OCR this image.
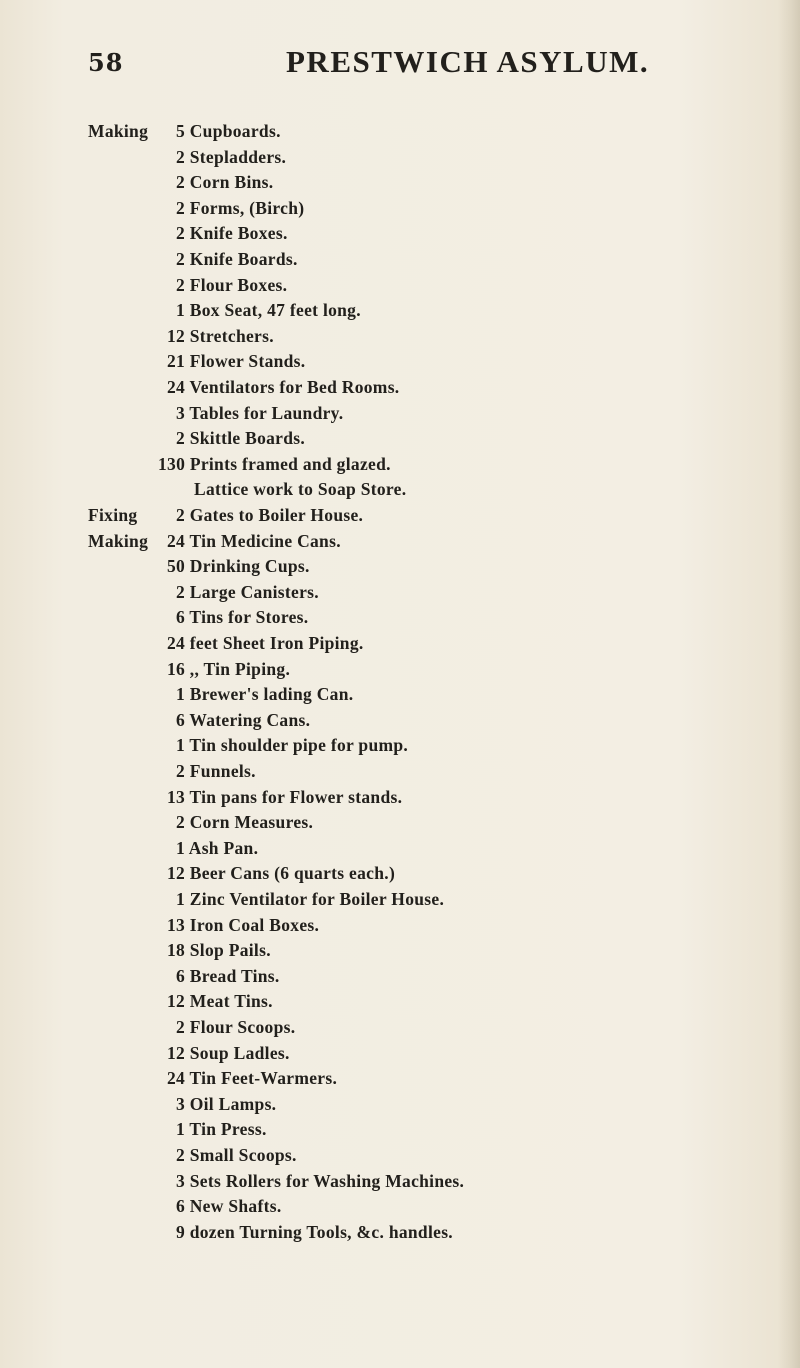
58	PRESTWICH ASYLUM.
Making 5 Cupboards.
2 Stepladders.
2 Corn Bins.
2 Forms, (Birch)
2 Knife Boxes.
2 Knife Boards.
2 Flour Boxes.
1 Box Seat, 47 feet long.
12 Stretchers.
21 Flower Stands.
24 Ventilators for Bed Rooms.
3 Tables for Laundry.
2 Skittle Boards.
130 Prints framed and glazed.
Lattice work to Soap Store.
Fixing 2 Gates to Boiler House.
Making 24 Tin Medicine Cans.
50 Drinking Cups.
2 Large Canisters.
6 Tins for Stores.
24 feet Sheet Iron Piping.
16 ,, Tin Piping.
1 Brewer's lading Can.
6 Watering Cans.
1 Tin shoulder pipe for pump.
2 Funnels.
13 Tin pans for Flower stands.
2 Corn Measures.
1 Ash Pan.
12 Beer Cans (6 quarts each.)
1 Zinc Ventilator for Boiler House.
13 Iron Coal Boxes.
18 Slop Pails.
6 Bread Tins.
12 Meat Tins.
2 Flour Scoops.
12 Soup Ladles.
24 Tin Feet-Warmers.
3 Oil Lamps.
1 Tin Press.
2 Small Scoops.
3 Sets Rollers for Washing Machines.
6 New Shafts.
9 dozen Turning Tools, &c. handles.
